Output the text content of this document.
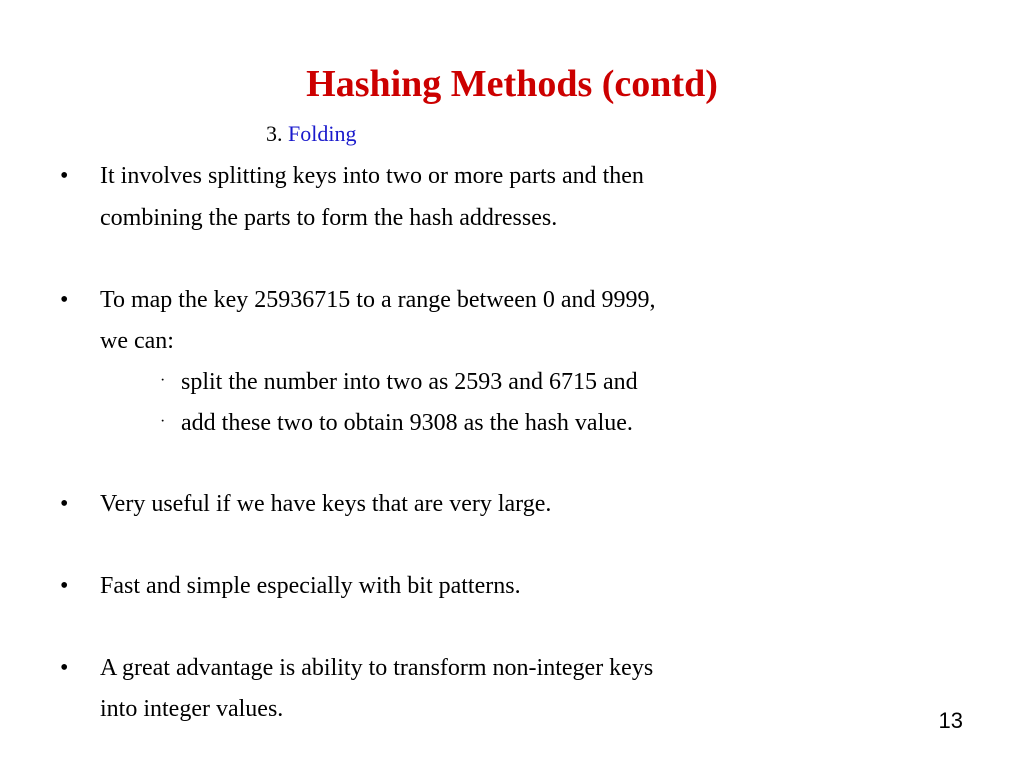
Hashing Methods (contd)
3. Folding
• It involves splitting keys into two or more parts and then
combining the parts to form the hash addresses.
• To map the key 25936715 to a range between 0 and 9999,
we can:
· split the number into two as 2593 and 6715 and
· add these two to obtain 9308 as the hash value.
• Very useful if we have keys that are very large.
• Fast and simple especially with bit patterns.
• A great advantage is ability to transform non-integer keys
into integer values.	13
